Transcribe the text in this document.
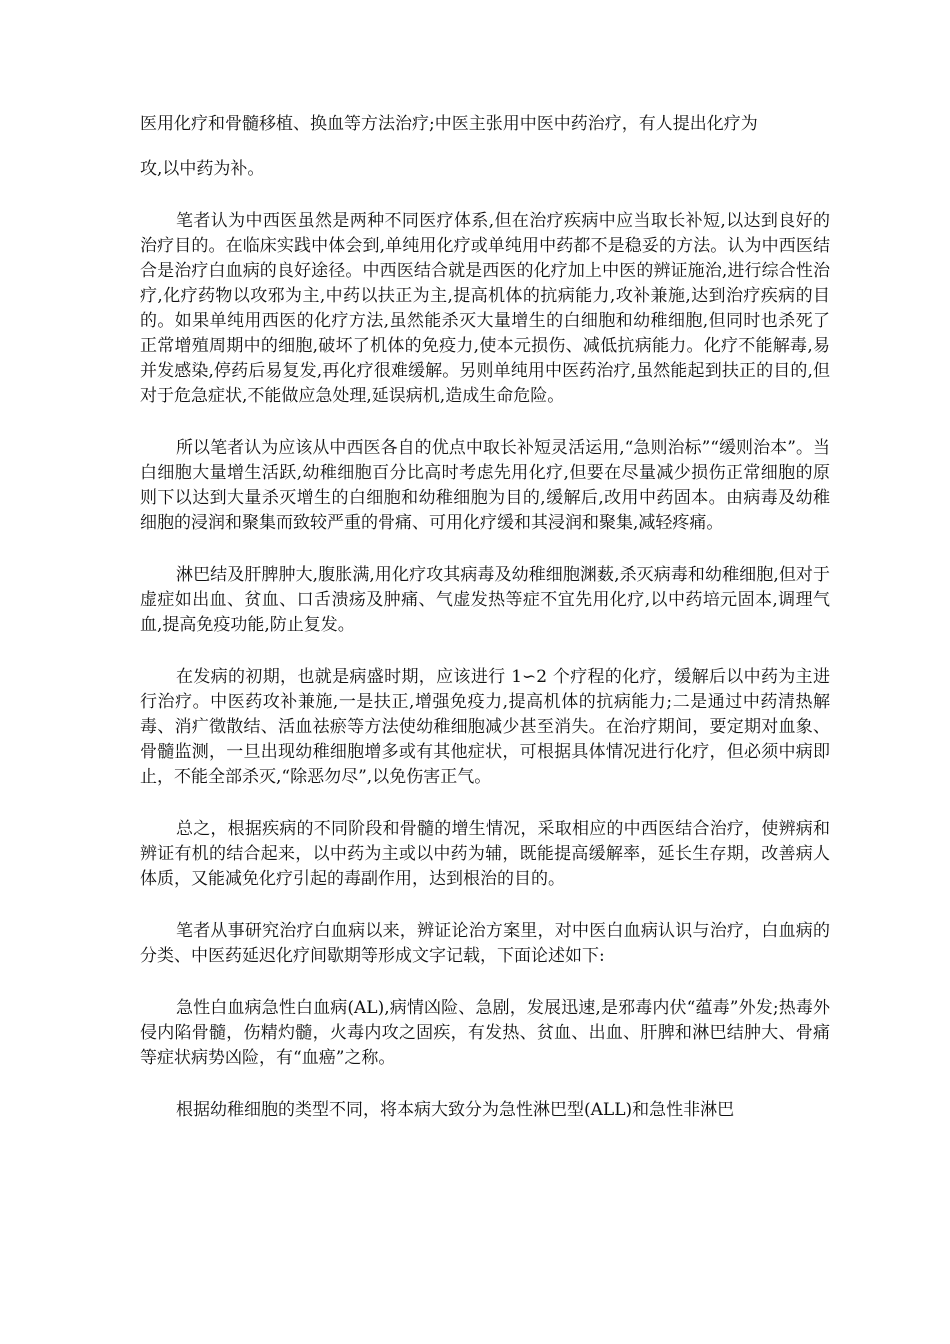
医用化疗和骨髓移植、换血等方法治疗;中医主张用中医中药治疗，有人提出化疗为

攻,以中药为补。

笔者认为中西医虽然是两种不同医疗体系,但在治疗疾病中应当取长补短,以达到良好的治疗目的。在临床实践中体会到,单纯用化疗或单纯用中药都不是稳妥的方法。认为中西医结合是治疗白血病的良好途径。中西医结合就是西医的化疗加上中医的辨证施治,进行综合性治疗,化疗药物以攻邪为主,中药以扶正为主,提高机体的抗病能力,攻补兼施,达到治疗疾病的目的。如果单纯用西医的化疗方法,虽然能杀灭大量增生的白细胞和幼稚细胞,但同时也杀死了正常增殖周期中的细胞,破坏了机体的免疫力,使本元损伤、减低抗病能力。化疗不能解毒,易并发感染,停药后易复发,再化疗很难缓解。另则单纯用中医药治疗,虽然能起到扶正的目的,但对于危急症状,不能做应急处理,延误病机,造成生命危险。

所以笔者认为应该从中西医各自的优点中取长补短灵活运用,“急则治标”“缓则治本”。当白细胞大量增生活跃,幼稚细胞百分比高时考虑先用化疗,但要在尽量减少损伤正常细胞的原则下以达到大量杀灭增生的白细胞和幼稚细胞为目的,缓解后,改用中药固本。由病毒及幼稚细胞的浸润和聚集而致较严重的骨痛、可用化疗缓和其浸润和聚集,减轻疼痛。

淋巴结及肝脾肿大,腹胀满,用化疗攻其病毒及幼稚细胞渊薮,杀灭病毒和幼稚细胞,但对于虚症如出血、贫血、口舌溃疡及肿痛、气虚发热等症不宜先用化疗,以中药培元固本,调理气血,提高免疫功能,防止复发。

在发病的初期，也就是病盛时期，应该进行 1∽2 个疗程的化疗，缓解后以中药为主进行治疗。中医药攻补兼施,一是扶正,增强免疫力,提高机体的抗病能力;二是通过中药清热解毒、消疒徵散结、活血祛瘀等方法使幼稚细胞减少甚至消失。在治疗期间，要定期对血象、骨髓监测，一旦出现幼稚细胞增多或有其他症状，可根据具体情况进行化疗，但必须中病即止，不能全部杀灭,“除恶勿尽”,以免伤害正气。

总之，根据疾病的不同阶段和骨髓的增生情况，采取相应的中西医结合治疗，使辨病和辨证有机的结合起来，以中药为主或以中药为辅，既能提高缓解率，延长生存期，改善病人体质，又能减免化疗引起的毒副作用，达到根治的目的。

笔者从事研究治疗白血病以来，辨证论治方案里，对中医白血病认识与治疗，白血病的分类、中医药延迟化疗间歇期等形成文字记载，下面论述如下:

急性白血病急性白血病(AL),病情凶险、急剧，发展迅速,是邪毒内伏“蕴毒”外发;热毒外侵内陷骨髓，伤精灼髓，火毒内攻之固疾，有发热、贫血、出血、肝脾和淋巴结肿大、骨痛等症状病势凶险，有“血癌”之称。

根据幼稚细胞的类型不同，将本病大致分为急性淋巴型(ALL)和急性非淋巴
